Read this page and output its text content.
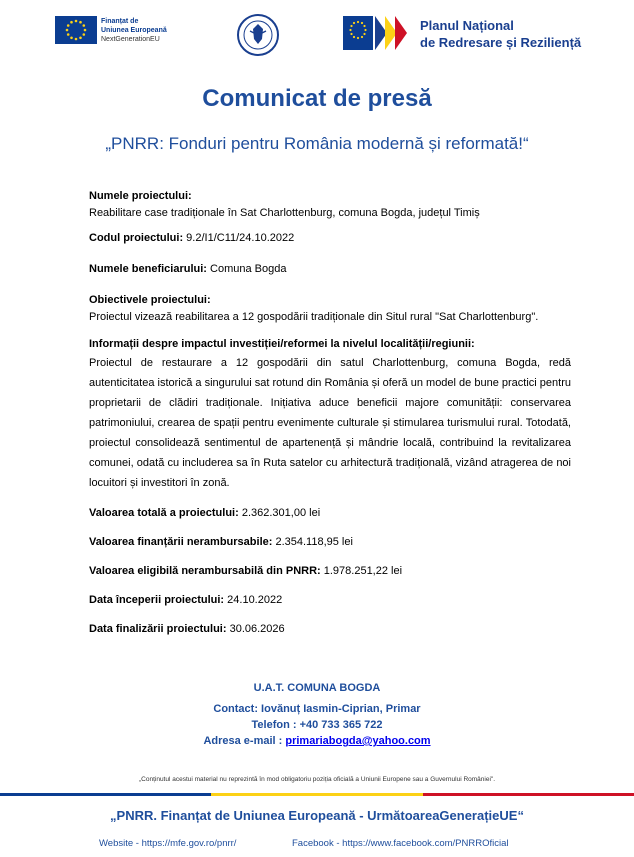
Finanțat de
Uniunea Europeană
NextGenerationEU
Planul Național
de Redresare și Reziliență
Comunicat de presă
„PNRR: Fonduri pentru România modernă și reformată!“

Numele proiectului:

Reabilitare case tradiționale în Sat Charlottenburg, comuna Bogda, județul Timiș

Codul proiectului: 9.2/I1/C11/24.10.2022

Numele beneficiarului: Comuna Bogda

Obiectivele proiectului:

Proiectul vizează reabilitarea a 12 gospodării tradiționale din Situl rural "Sat Charlottenburg".

Informații despre impactul investiției/reformei la nivelul localității/regiunii:

Proiectul de restaurare a 12 gospodării din satul Charlottenburg, comuna Bogda, redă autenticitatea istorică a singurului sat rotund din România și oferă un model de bune practici pentru proprietarii de clădiri tradiționale. Inițiativa aduce beneficii majore comunității: conservarea patrimoniului, crearea de spații pentru evenimente culturale și stimularea turismului rural. Totodată, proiectul consolidează sentimentul de apartenență și mândrie locală, contribuind la revitalizarea comunei, odată cu includerea sa în Ruta satelor cu arhitectură tradițională, vizând atragerea de noi locuitori și investitori în zonă.

Valoarea totală a proiectului: 2.362.301,00 lei

Valoarea finanțării nerambursabile: 2.354.118,95 lei

Valoarea eligibilă nerambursabilă din PNRR: 1.978.251,22 lei

Data începerii proiectului: 24.10.2022

Data finalizării proiectului: 30.06.2026

U.A.T. COMUNA BOGDA
Contact: Iovănuț Iasmin-Ciprian, Primar
Telefon : +40 733 365 722
Adresa e-mail : primariabogda@yahoo.com
„Conținutul acestui material nu reprezintă în mod obligatoriu poziția oficială a Uniunii Europene sau a Guvernului României".
„PNRR. Finanțat de Uniunea Europeană - UrmătoareaGenerațieUE“
Website - https://mfe.gov.ro/pnrr/	Facebook - https://www.facebook.com/PNRROficial
